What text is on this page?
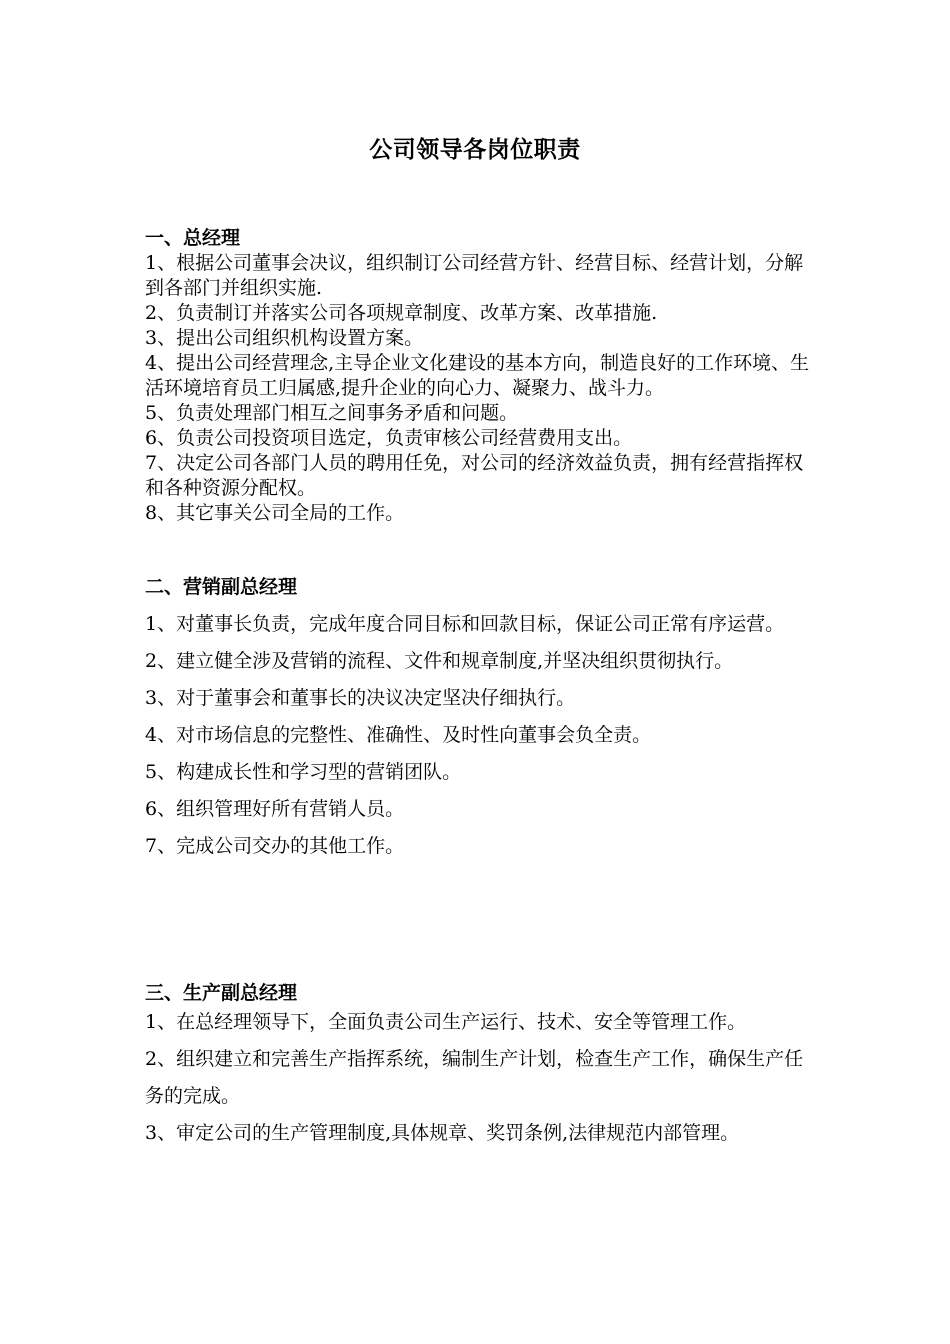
公司领导各岗位职责

一、总经理

1、根据公司董事会决议，组织制订公司经营方针、经营目标、经营计划，分解到各部门并组织实施.

2、负责制订并落实公司各项规章制度、改革方案、改革措施.

3、提出公司组织机构设置方案。

4、提出公司经营理念,主导企业文化建设的基本方向，制造良好的工作环境、生活环境培育员工归属感,提升企业的向心力、凝聚力、战斗力。

5、负责处理部门相互之间事务矛盾和问题。

6、负责公司投资项目选定，负责审核公司经营费用支出。

7、决定公司各部门人员的聘用任免，对公司的经济效益负责，拥有经营指挥权和各种资源分配权。

8、其它事关公司全局的工作。

二、营销副总经理

1、对董事长负责，完成年度合同目标和回款目标，保证公司正常有序运营。

2、建立健全涉及营销的流程、文件和规章制度,并坚决组织贯彻执行。

3、对于董事会和董事长的决议决定坚决仔细执行。

4、对市场信息的完整性、准确性、及时性向董事会负全责。

5、构建成长性和学习型的营销团队。

6、组织管理好所有营销人员。

7、完成公司交办的其他工作。

三、生产副总经理

1、在总经理领导下，全面负责公司生产运行、技术、安全等管理工作。

2、组织建立和完善生产指挥系统，编制生产计划，检查生产工作，确保生产任务的完成。

3、审定公司的生产管理制度,具体规章、奖罚条例,法律规范内部管理。
